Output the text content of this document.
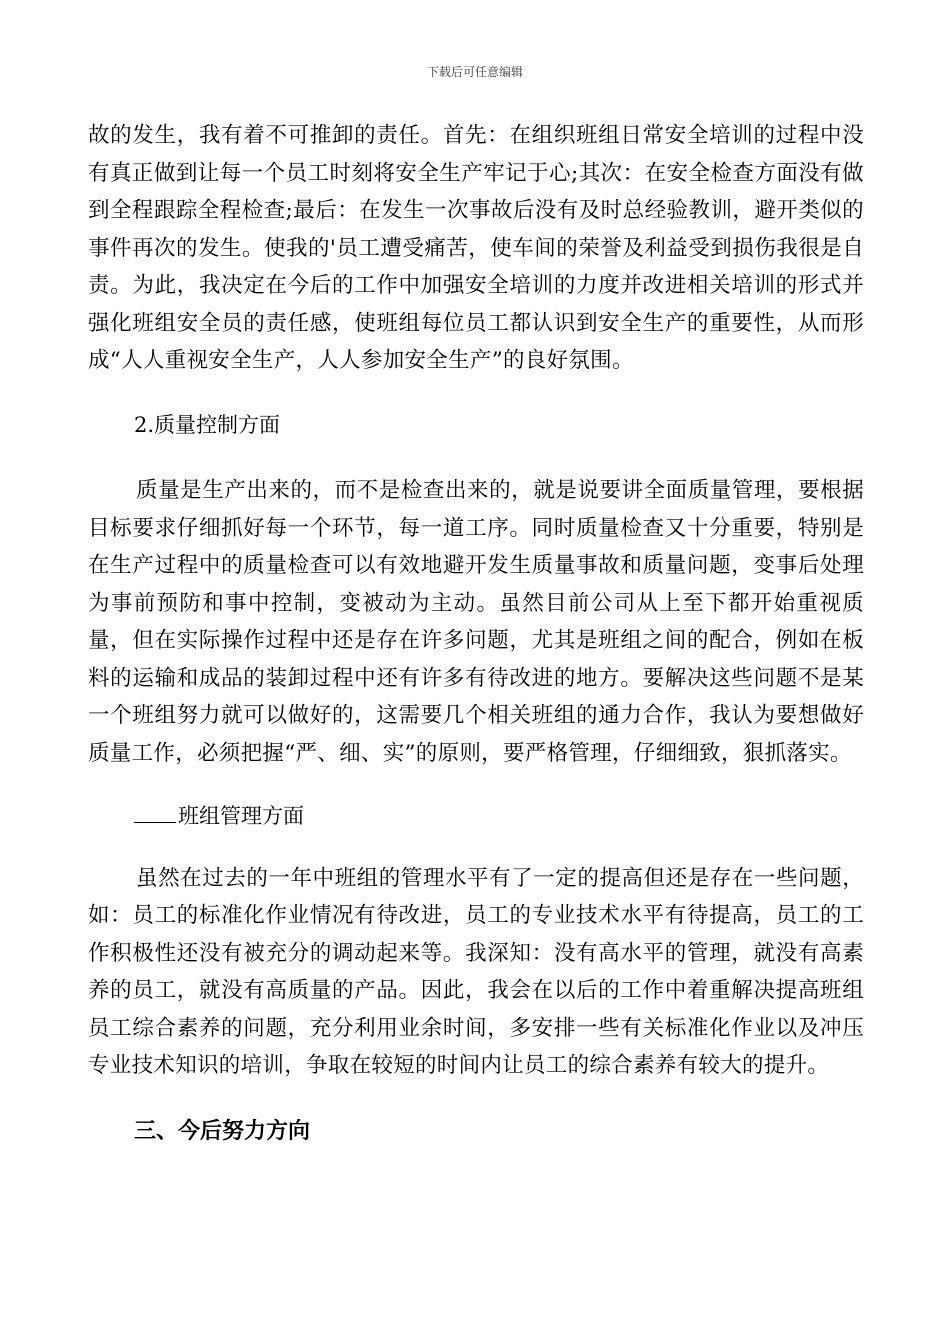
下载后可任意编辑

故的发生，我有着不可推卸的责任。首先：在组织班组日常安全培训的过程中没有真正做到让每一个员工时刻将安全生产牢记于心;其次：在安全检查方面没有做到全程跟踪全程检查;最后：在发生一次事故后没有及时总经验教训，避开类似的事件再次的发生。使我的'员工遭受痛苦，使车间的荣誉及利益受到损伤我很是自责。为此，我决定在今后的工作中加强安全培训的力度并改进相关培训的形式并强化班组安全员的责任感，使班组每位员工都认识到安全生产的重要性，从而形成“人人重视安全生产，人人参加安全生产”的良好氛围。

2.质量控制方面

质量是生产出来的，而不是检查出来的，就是说要讲全面质量管理，要根据目标要求仔细抓好每一个环节，每一道工序。同时质量检查又十分重要，特别是在生产过程中的质量检查可以有效地避开发生质量事故和质量问题，变事后处理为事前预防和事中控制，变被动为主动。虽然目前公司从上至下都开始重视质量，但在实际操作过程中还是存在许多问题，尤其是班组之间的配合，例如在板料的运输和成品的装卸过程中还有许多有待改进的地方。要解决这些问题不是某一个班组努力就可以做好的，这需要几个相关班组的通力合作，我认为要想做好质量工作，必须把握“严、细、实”的原则，要严格管理，仔细细致，狠抓落实。

班组管理方面

虽然在过去的一年中班组的管理水平有了一定的提高但还是存在一些问题，如：员工的标准化作业情况有待改进，员工的专业技术水平有待提高，员工的工作积极性还没有被充分的调动起来等。我深知：没有高水平的管理，就没有高素养的员工，就没有高质量的产品。因此，我会在以后的工作中着重解决提高班组员工综合素养的问题，充分利用业余时间，多安排一些有关标准化作业以及冲压专业技术知识的培训，争取在较短的时间内让员工的综合素养有较大的提升。

三、今后努力方向
